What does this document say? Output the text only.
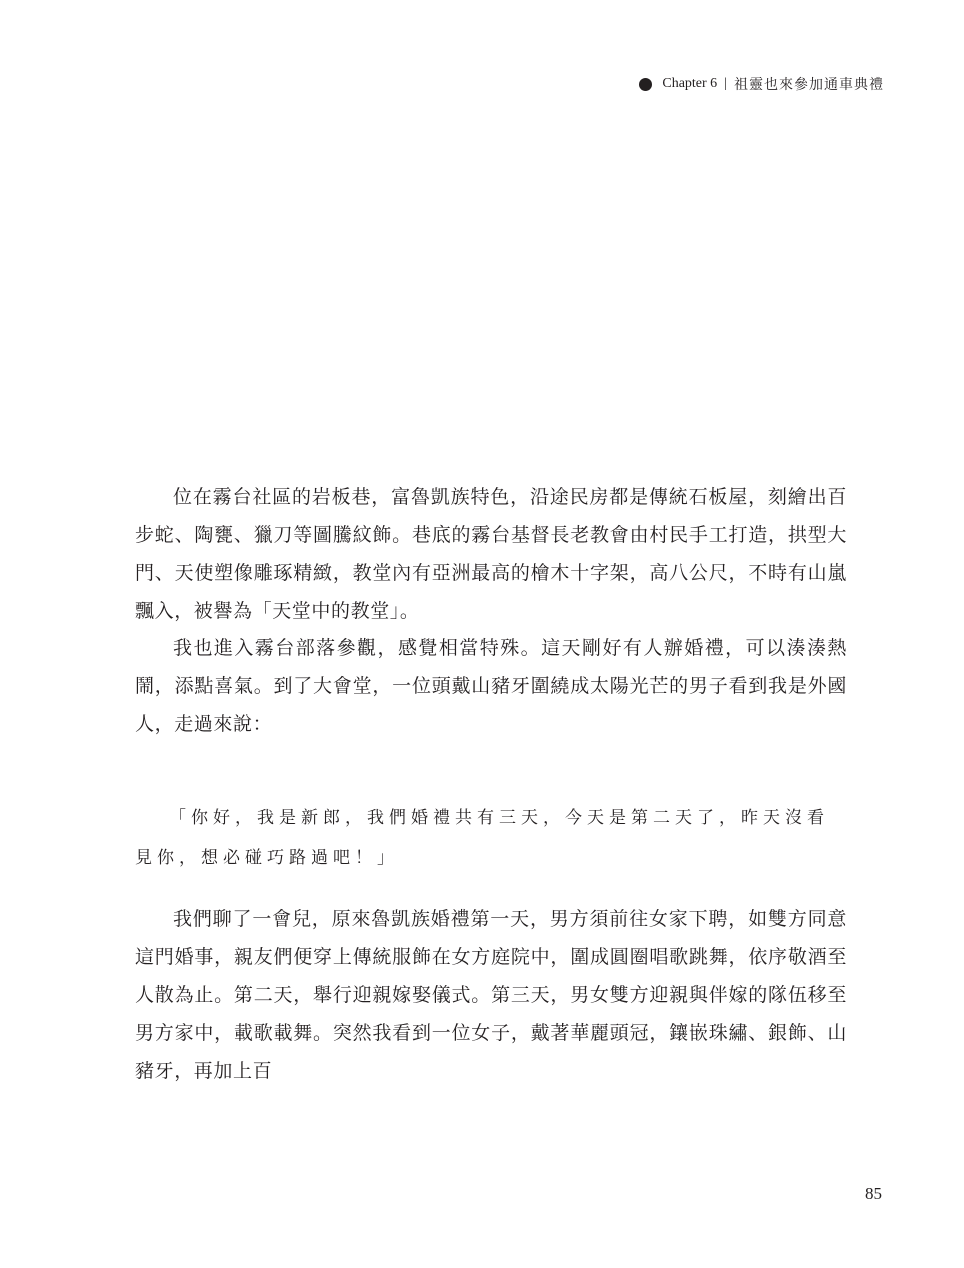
Chapter 6 | 祖靈也來參加通車典禮

位在霧台社區的岩板巷，富魯凱族特色，沿途民房都是傳統石板屋，刻繪出百步蛇、陶甕、獵刀等圖騰紋飾。巷底的霧台基督長老教會由村民手工打造，拱型大門、天使塑像雕琢精緻，教堂內有亞洲最高的檜木十字架，高八公尺，不時有山嵐飄入，被譽為「天堂中的教堂」。

我也進入霧台部落參觀，感覺相當特殊。這天剛好有人辦婚禮，可以湊湊熱鬧，添點喜氣。到了大會堂，一位頭戴山豬牙圍繞成太陽光芒的男子看到我是外國人，走過來說：

「你好，我是新郎，我們婚禮共有三天，今天是第二天了，昨天沒看見你，想必碰巧路過吧！」

我們聊了一會兒，原來魯凱族婚禮第一天，男方須前往女家下聘，如雙方同意這門婚事，親友們便穿上傳統服飾在女方庭院中，圍成圓圈唱歌跳舞，依序敬酒至人散為止。第二天，舉行迎親嫁娶儀式。第三天，男女雙方迎親與伴嫁的隊伍移至男方家中，載歌載舞。突然我看到一位女子，戴著華麗頭冠，鑲嵌珠繡、銀飾、山豬牙，再加上百

85
